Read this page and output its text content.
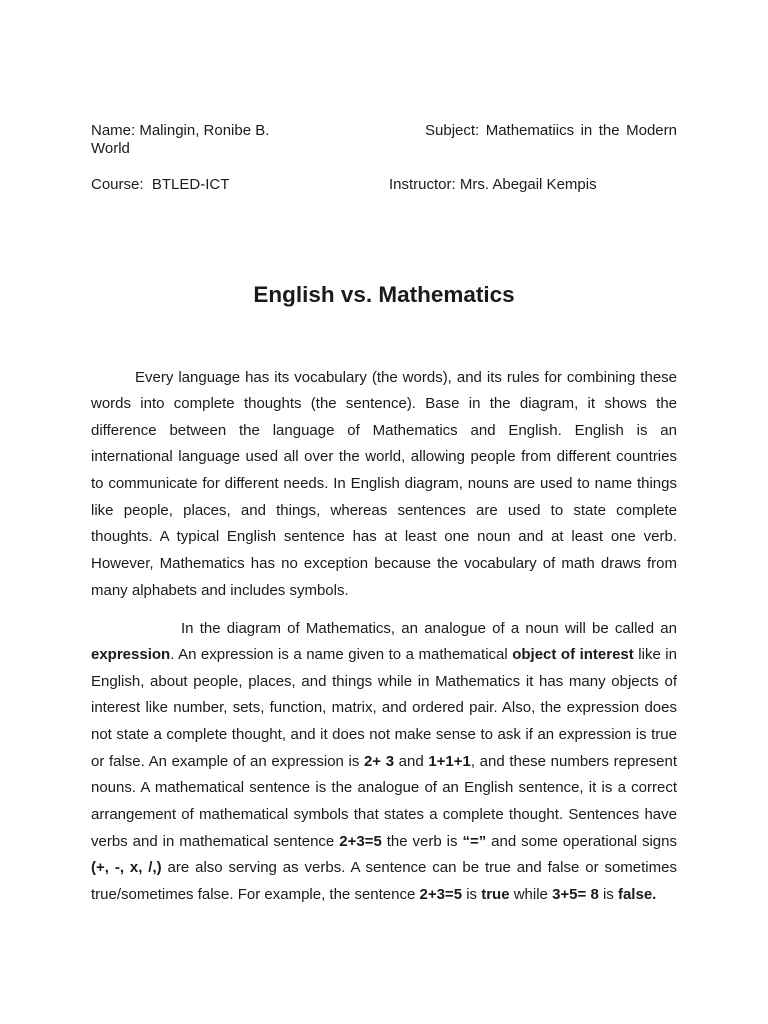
Name: Malingin, Ronibe B.	Subject: Mathematiics in the Modern
World
Course:  BTLED-ICT	Instructor: Mrs. Abegail Kempis
English vs. Mathematics
Every language has its vocabulary (the words), and its rules for combining these
words into complete thoughts (the sentence). Base in the diagram, it shows the
difference between the language of Mathematics and English. English is an
international language used all over the world, allowing people from different countries
to communicate for different needs. In English diagram, nouns are used to name things
like people, places, and things, whereas sentences are used to state complete
thoughts. A typical English sentence has at least one noun and at least one verb.
However, Mathematics has no exception because the vocabulary of math draws from
many alphabets and includes symbols.
In the diagram of Mathematics, an analogue of a noun will be called an
expression. An expression is a name given to a mathematical object of interest like in
English, about people, places, and things while in Mathematics it has many objects of
interest like number, sets, function, matrix, and ordered pair. Also, the expression does
not state a complete thought, and it does not make sense to ask if an expression is true
or false. An example of an expression is 2+ 3 and 1+1+1, and these numbers represent
nouns. A mathematical sentence is the analogue of an English sentence, it is a correct
arrangement of mathematical symbols that states a complete thought. Sentences have
verbs and in mathematical sentence 2+3=5 the verb is “=” and some operational signs
(+, -, x, /,) are also serving as verbs. A sentence can be true and false or sometimes
true/sometimes false. For example, the sentence 2+3=5 is true while 3+5= 8 is false.
